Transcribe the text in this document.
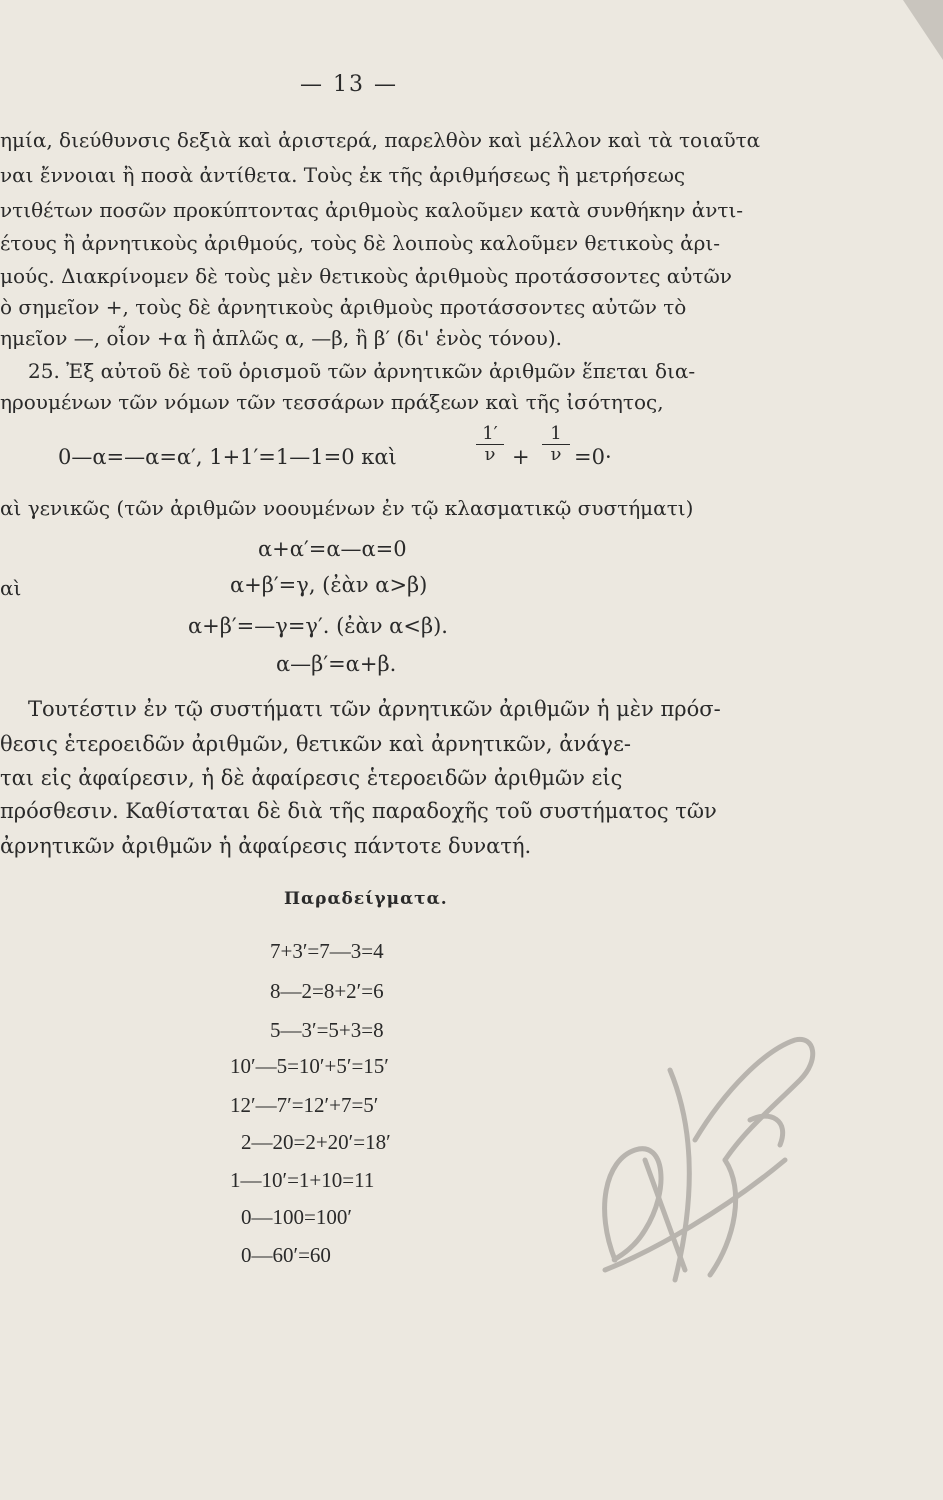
— 13 —
ημία, διεύθυνσις δεξιὰ καὶ ἀριστερά, παρελθὸν καὶ μέλλον καὶ τὰ τοιαῦτα
ναι ἔννοιαι ἢ ποσὰ ἀντίθετα. Τοὺς ἐκ τῆς ἀριθμήσεως ἢ μετρήσεως
ντιθέτων ποσῶν προκύπτοντας ἀριθμοὺς καλοῦμεν κατὰ συνθήκην ἀντι-
έτους ἢ ἀρνητικοὺς ἀριθμούς, τοὺς δὲ λοιποὺς καλοῦμεν θετικοὺς ἀρι-
μούς. Διακρίνομεν δὲ τοὺς μὲν θετικοὺς ἀριθμοὺς προτάσσοντες αὐτῶν
ὸ σημεῖον +, τοὺς δὲ ἀρνητικοὺς ἀριθμοὺς προτάσσοντες αὐτῶν τὸ
ημεῖον —, οἷον +α ἢ ἁπλῶς α, —β, ἢ β′ (δι' ἑνὸς τόνου).
25. Ἐξ αὐτοῦ δὲ τοῦ ὁρισμοῦ τῶν ἀρνητικῶν ἀριθμῶν ἕπεται δια-
ηρουμένων τῶν νόμων τῶν τεσσάρων πράξεων καὶ τῆς ἰσότητος,
0—α=—α=α′, 1+1′=1—1=0 καὶ
1′
ν +
1
ν =0·
αὶ γενικῶς (τῶν ἀριθμῶν νοουμένων ἐν τῷ κλασματικῷ συστήματι)
α+α′=α—α=0
αὶ	α+β′=γ, (ἐὰν α>β)
α+β′=—γ=γ′. (ἐὰν α<β).
α—β′=α+β.
Τουτέστιν ἐν τῷ συστήματι τῶν ἀρνητικῶν ἀριθμῶν ἡ μὲν πρόσ-
θεσις ἑτεροειδῶν ἀριθμῶν, θετικῶν καὶ ἀρνητικῶν, ἀνάγε-
ται εἰς ἀφαίρεσιν, ἡ δὲ ἀφαίρεσις ἑτεροειδῶν ἀριθμῶν εἰς
πρόσθεσιν. Καθίσταται δὲ διὰ τῆς παραδοχῆς τοῦ συστήματος τῶν
ἀρνητικῶν ἀριθμῶν ἡ ἀφαίρεσις πάντοτε δυνατή.
Παραδείγματα.
7+3′=7—3=4
8—2=8+2′=6
5—3′=5+3=8
10′—5=10′+5′=15′
12′—7′=12′+7=5′
2—20=2+20′=18′
1—10′=1+10=11
0—100=100′
0—60′=60
